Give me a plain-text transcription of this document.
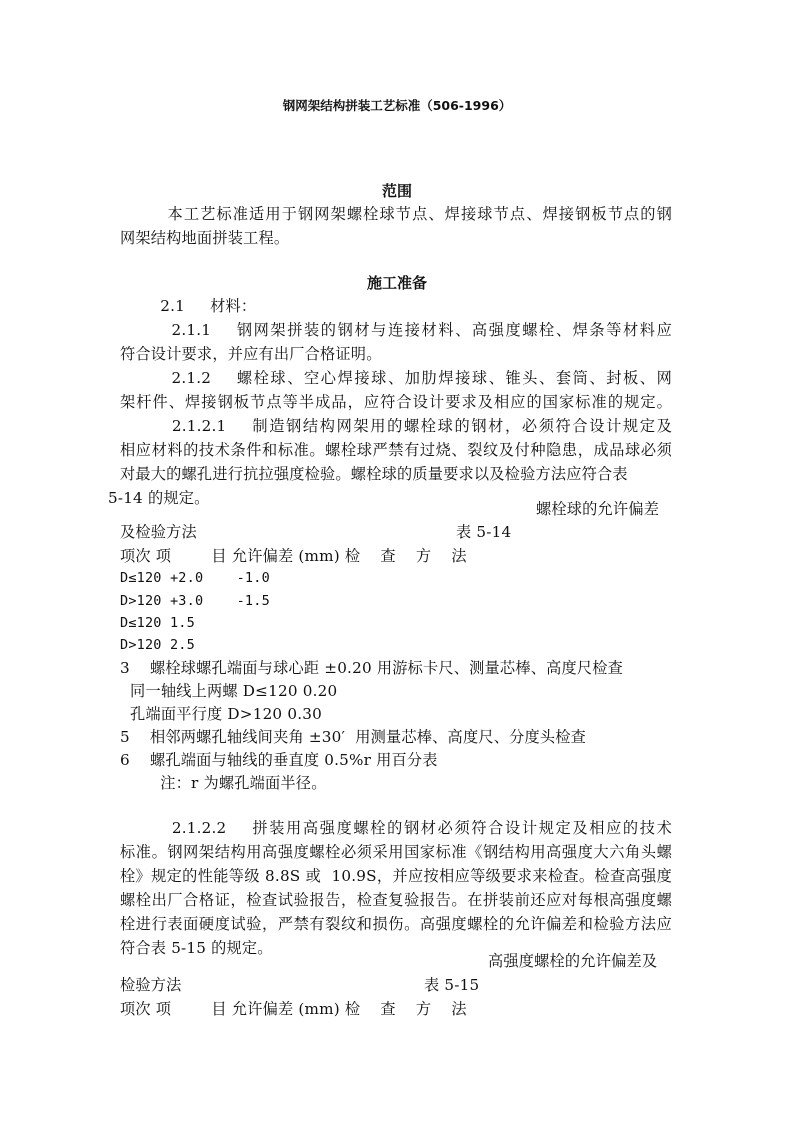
钢网架结构拼装工艺标准（506-1996）
范围
本工艺标准适用于钢网架螺栓球节点、焊接球节点、焊接钢板节点的钢
网架结构地面拼装工程。
施工准备
2.1     材料：
2.1.1    钢网架拼装的钢材与连接材料、高强度螺栓、焊条等材料应
符合设计要求，并应有出厂合格证明。
2.1.2    螺栓球、空心焊接球、加肋焊接球、锥头、套筒、封板、网
架杆件、焊接钢板节点等半成品，应符合设计要求及相应的国家标准的规定。
2.1.2.1    制造钢结构网架用的螺栓球的钢材，必须符合设计规定及
相应材料的技术条件和标准。螺栓球严禁有过烧、裂纹及付种隐患，成品球必须
对最大的螺孔进行抗拉强度检验。螺栓球的质量要求以及检验方法应符合表
5-14 的规定。
螺栓球的允许偏差
及检验方法	表 5-14
项次 项        目 允许偏差 (mm) 检    查    方    法
D≤120 +2.0    -1.0
D>120 +3.0    -1.5
D≤120 1.5
D>120 2.5
3    螺栓球螺孔端面与球心距 ±0.20 用游标卡尺、测量芯棒、高度尺检查
同一轴线上两螺 D≤120 0.20
孔端面平行度 D>120 0.30
5    相邻两螺孔轴线间夹角 ±30′  用测量芯棒、高度尺、分度头检查
6    螺孔端面与轴线的垂直度 0.5%r 用百分表
注：r 为螺孔端面半径。
2.1.2.2    拼装用高强度螺栓的钢材必须符合设计规定及相应的技术
标准。钢网架结构用高强度螺栓必须采用国家标准《钢结构用高强度大六角头螺
栓》规定的性能等级 8.8S 或  10.9S，并应按相应等级要求来检查。检查高强度
螺栓出厂合格证，检查试验报告，检查复验报告。在拼装前还应对每根高强度螺
栓进行表面硬度试验，严禁有裂纹和损伤。高强度螺栓的允许偏差和检验方法应
符合表 5-15 的规定。
高强度螺栓的允许偏差及
检验方法	表 5-15
项次 项        目 允许偏差 (mm) 检    查    方    法
